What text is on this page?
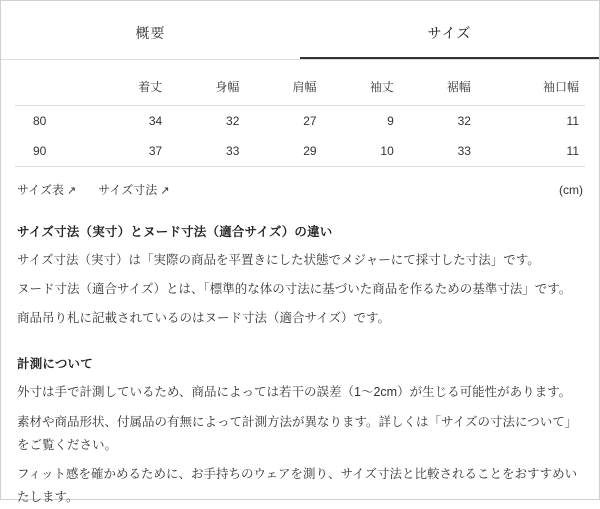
概要	サイズ
	着丈	身幅	肩幅	袖丈	裾幅	袖口幅
80	34	32	27	9	32	11
90	37	33	29	10	33	11
サイズ表 ↗ サイズ寸法 ↗	(cm)
サイズ寸法（実寸）とヌード寸法（適合サイズ）の違い

サイズ寸法（実寸）は「実際の商品を平置きにした状態でメジャーにて採寸した寸法」です。

ヌード寸法（適合サイズ）とは、「標準的な体の寸法に基づいた商品を作るための基準寸法」です。

商品吊り札に記載されているのはヌード寸法（適合サイズ）です。

計測について

外寸は手で計測しているため、商品によっては若干の誤差（1〜2cm）が生じる可能性があります。

素材や商品形状、付属品の有無によって計測方法が異なります。詳しくは「サイズの寸法について」をご覧ください。

フィット感を確かめるために、お手持ちのウェアを測り、サイズ寸法と比較されることをおすすめいたします。
